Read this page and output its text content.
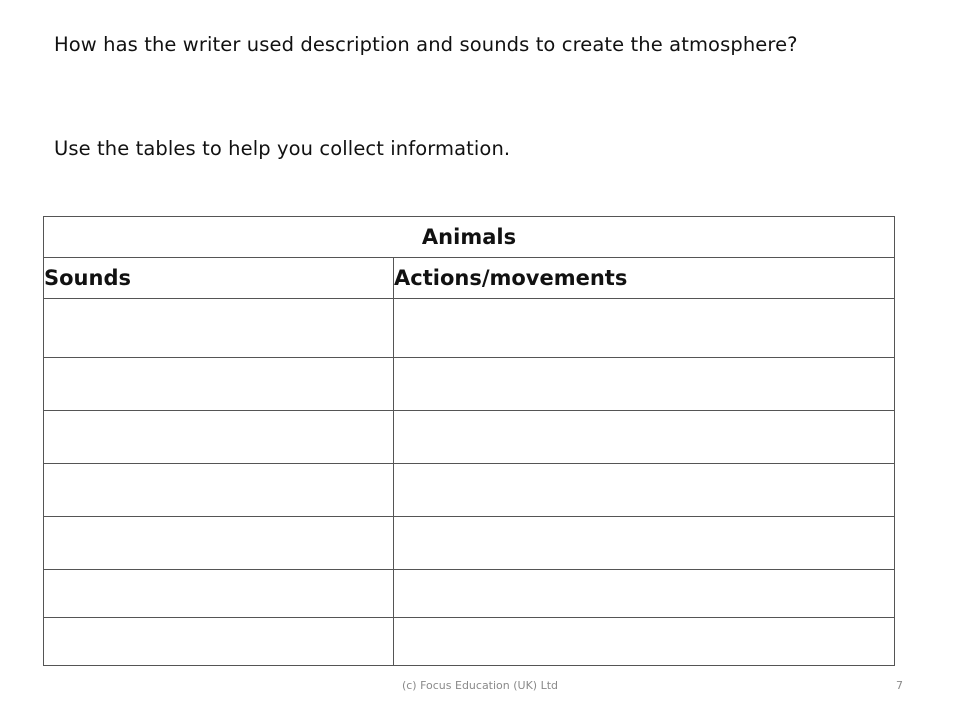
How has the writer used description and sounds to create the atmosphere?

Use the tables to help you collect information.

Animals	
Sounds	Actions/movements

(c) Focus Education (UK) Ltd	7
